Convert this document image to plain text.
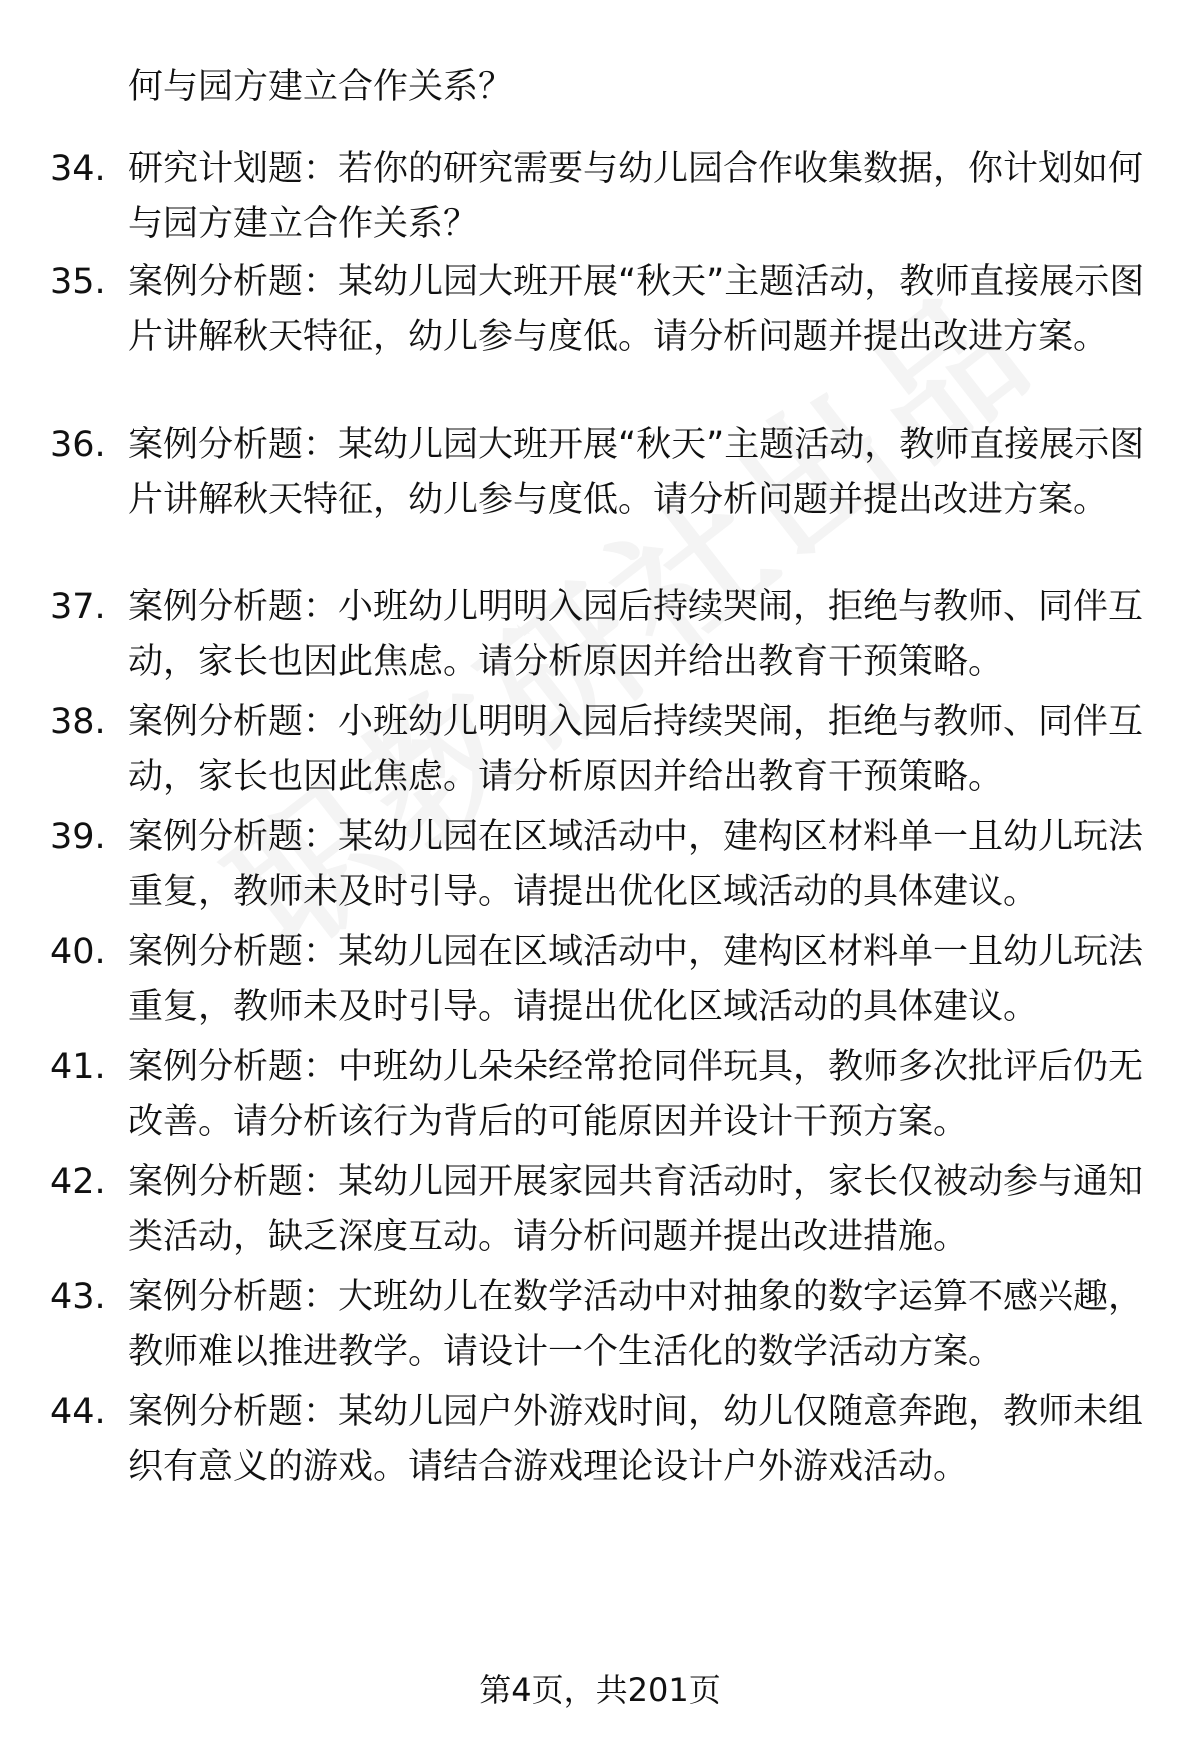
何与园方建立合作关系？
34. 研究计划题：若你的研究需要与幼儿园合作收集数据，你计划如何与园方建立合作关系？
35. 案例分析题：某幼儿园大班开展“秋天”主题活动，教师直接展示图片讲解秋天特征，幼儿参与度低。请分析问题并提出改进方案。
36. 案例分析题：某幼儿园大班开展“秋天”主题活动，教师直接展示图片讲解秋天特征，幼儿参与度低。请分析问题并提出改进方案。
37. 案例分析题：小班幼儿明明入园后持续哭闹，拒绝与教师、同伴互动，家长也因此焦虑。请分析原因并给出教育干预策略。
38. 案例分析题：小班幼儿明明入园后持续哭闹，拒绝与教师、同伴互动，家长也因此焦虑。请分析原因并给出教育干预策略。
39. 案例分析题：某幼儿园在区域活动中，建构区材料单一且幼儿玩法重复，教师未及时引导。请提出优化区域活动的具体建议。
40. 案例分析题：某幼儿园在区域活动中，建构区材料单一且幼儿玩法重复，教师未及时引导。请提出优化区域活动的具体建议。
41. 案例分析题：中班幼儿朵朵经常抢同伴玩具，教师多次批评后仍无改善。请分析该行为背后的可能原因并设计干预方案。
42. 案例分析题：某幼儿园开展家园共育活动时，家长仅被动参与通知类活动，缺乏深度互动。请分析问题并提出改进措施。
43. 案例分析题：大班幼儿在数学活动中对抽象的数字运算不感兴趣，教师难以推进教学。请设计一个生活化的数学活动方案。
44. 案例分析题：某幼儿园户外游戏时间，幼儿仅随意奔跑，教师未组织有意义的游戏。请结合游戏理论设计户外游戏活动。
第4页，共201页
